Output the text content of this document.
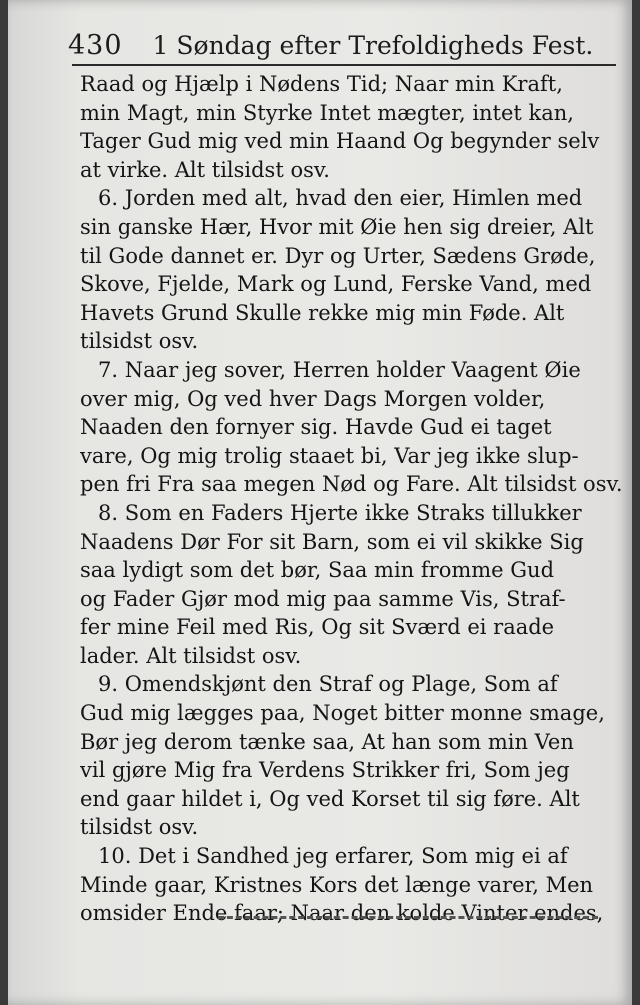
430 1 Søndag efter Trefoldigheds Fest.
Raad og Hjælp i Nødens Tid; Naar min Kraft,
min Magt, min Styrke Intet mægter, intet kan,
Tager Gud mig ved min Haand Og begynder selv
at virke. Alt tilsidst osv.
6. Jorden med alt, hvad den eier, Himlen med
sin ganske Hær, Hvor mit Øie hen sig dreier, Alt
til Gode dannet er. Dyr og Urter, Sædens Grøde,
Skove, Fjelde, Mark og Lund, Ferske Vand, med
Havets Grund Skulle rekke mig min Føde. Alt
tilsidst osv.
7. Naar jeg sover, Herren holder Vaagent Øie
over mig, Og ved hver Dags Morgen volder,
Naaden den fornyer sig. Havde Gud ei taget
vare, Og mig trolig staaet bi, Var jeg ikke slup-
pen fri Fra saa megen Nød og Fare. Alt tilsidst osv.
8. Som en Faders Hjerte ikke Straks tillukker
Naadens Dør For sit Barn, som ei vil skikke Sig
saa lydigt som det bør, Saa min fromme Gud
og Fader Gjør mod mig paa samme Vis, Straf-
fer mine Feil med Ris, Og sit Sværd ei raade
lader. Alt tilsidst osv.
9. Omendskjønt den Straf og Plage, Som af
Gud mig lægges paa, Noget bitter monne smage,
Bør jeg derom tænke saa, At han som min Ven
vil gjøre Mig fra Verdens Strikker fri, Som jeg
end gaar hildet i, Og ved Korset til sig føre. Alt
tilsidst osv.
10. Det i Sandhed jeg erfarer, Som mig ei af
Minde gaar, Kristnes Kors det længe varer, Men
omsider Ende faar; Naar den kolde Vinter endes,
